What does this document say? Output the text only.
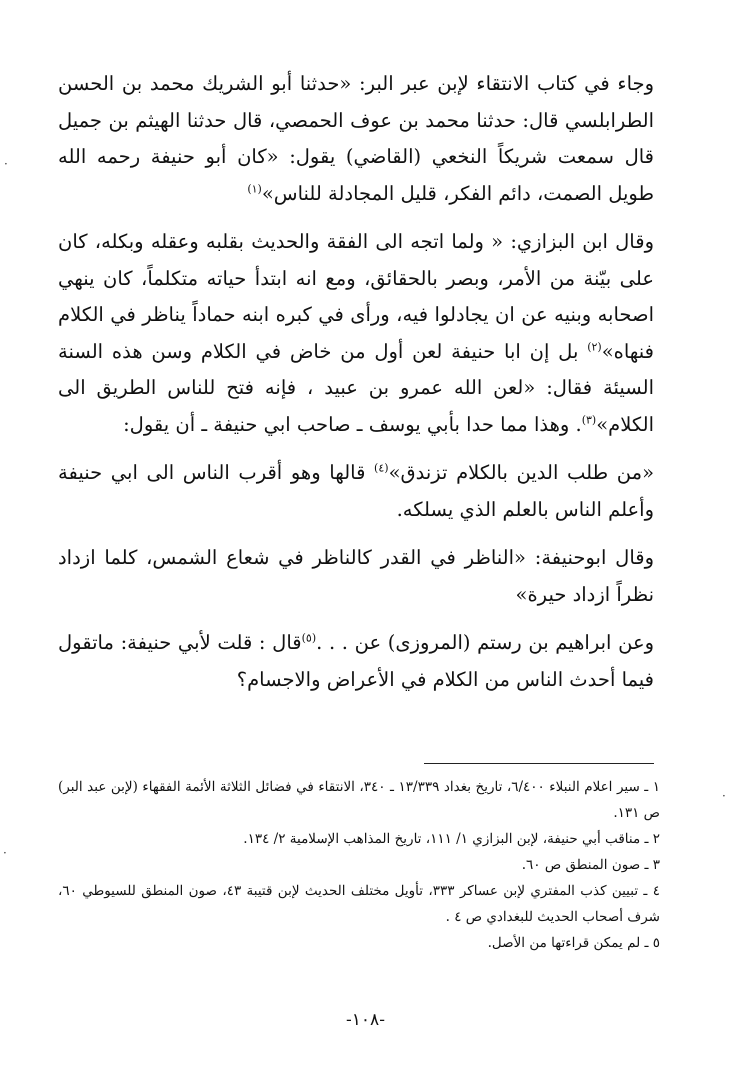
وجاء في كتاب الانتقاء لإبن عبر البر: «حدثنا أبو الشريك محمد بن الحسن الطرابلسي قال: حدثنا محمد بن عوف الحمصي، قال حدثنا الهيثم بن جميل قال سمعت شريكاً النخعي (القاضي) يقول: «كان أبو حنيفة رحمه الله طويل الصمت، دائم الفكر، قليل المجادلة للناس»$^{(١)}$

وقال ابن البزازي: « ولما اتجه الى الفقة والحديث بقلبه وعقله وبكله، كان على بيّنة من الأمر، وبصر بالحقائق، ومع انه ابتدأ حياته متكلماً، كان ينهي اصحابه وبنيه عن ان يجادلوا فيه، ورأى في كبره ابنه حماداً يناظر في الكلام فنهاه»$^{(٢)}$ بل إن ابا حنيفة لعن أول من خاض في الكلام وسن هذه السنة السيئة فقال: «لعن الله عمرو بن عبيد ، فإنه فتح للناس الطريق الى الكلام»$^{(٣)}$. وهذا مما حدا بأبي يوسف ـ صاحب ابي حنيفة ـ أن يقول:

«من طلب الدين بالكلام تزندق»$^{(٤)}$ قالها وهو أقرب الناس الى ابي حنيفة وأعلم الناس بالعلم الذي يسلكه.

وقال ابوحنيفة: «الناظر في القدر كالناظر في شعاع الشمس، كلما ازداد نظراً ازداد حيرة»

وعن ابراهيم بن رستم (المروزى) عن . . .$^{(٥)}$قال : قلت لأبي حنيفة: ماتقول فيما أحدث الناس من الكلام في الأعراض والاجسام؟

١ ـ سير اعلام النبلاء ٦/٤٠٠، تاريخ بغداد ١٣/٣٣٩ ـ ٣٤٠، الانتقاء في فضائل الثلاثة الأئمة الفقهاء (لإبن عبد البر) ص ١٣١.

٢ ـ مناقب أبي حنيفة، لإبن البزازي ١/ ١١١، تاريخ المذاهب الإسلامية ٢/ ١٣٤.

٣ ـ صون المنطق ص ٦٠.

٤ ـ تبيين كذب المفتري لإبن عساكر ٣٣٣، تأويل مختلف الحديث لإبن قتيبة ٤٣، صون المنطق للسيوطي ٦٠، شرف أصحاب الحديث للبغدادي ص ٤ .

٥ ـ لم يمكن قراءتها من الأصل.

-١٠٨-
·
·
·
